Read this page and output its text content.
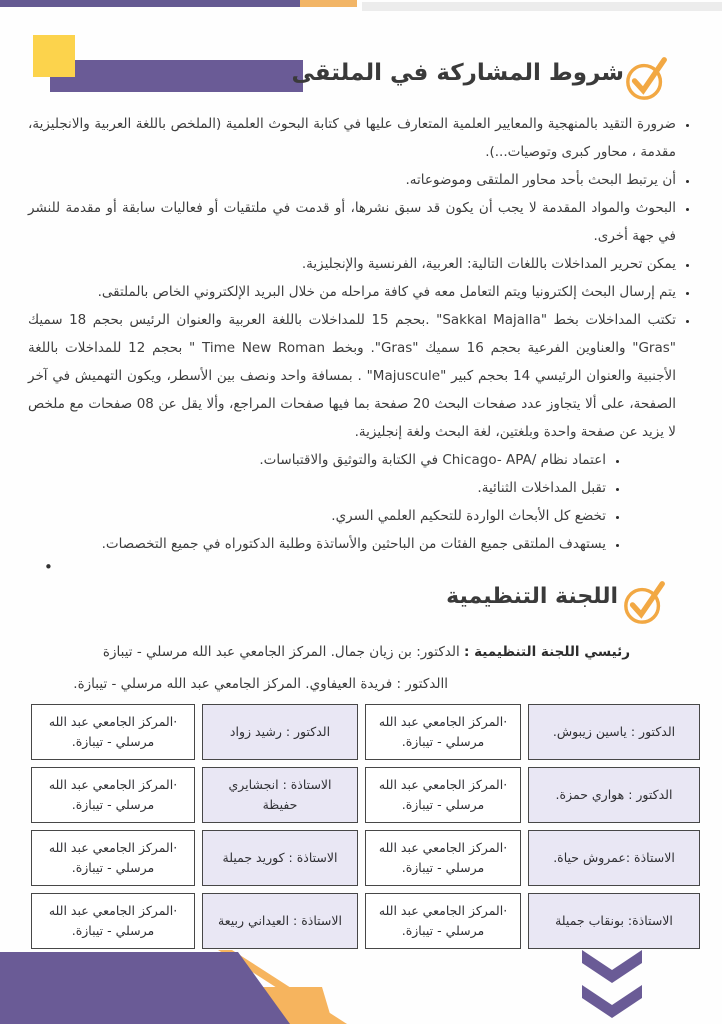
شروط المشاركة في الملتقى
• ضرورة التقيد بالمنهجية والمعايير العلمية المتعارف عليها في كتابة البحوث العلمية (الملخص باللغة العربية والانجليزية، مقدمة ، محاور كبرى وتوصيات...).
• أن يرتبط البحث بأحد محاور الملتقى وموضوعاته.
• البحوث والمواد المقدمة لا يجب أن يكون قد سبق نشرها، أو قدمت في ملتقيات أو فعاليات سابقة أو مقدمة للنشر في جهة أخرى.
• يمكن تحرير المداخلات باللغات التالية: العربية، الفرنسية والإنجليزية.
• يتم إرسال البحث إلكترونيا ويتم التعامل معه في كافة مراحله من خلال البريد الإلكتروني الخاص بالملتقى.
• تكتب المداخلات بخط "Sakkal Majalla" .بحجم 15 للمداخلات باللغة العربية والعنوان الرئيس بحجم 18 سميك "Gras" والعناوين الفرعية بحجم 16 سميك "Gras". وبخط Time New Roman " بحجم 12 للمداخلات باللغة الأجنبية والعنوان الرئيسي 14 بحجم كبير "Majuscule" . بمسافة واحد ونصف بين الأسطر، ويكون التهميش في آخر الصفحة، على ألا يتجاوز عدد صفحات البحث 20 صفحة بما فيها صفحات المراجع، وألا يقل عن 08 صفحات مع ملخص لا يزيد عن صفحة واحدة وبلغتين، لغة البحث ولغة إنجليزية.
• اعتماد نظام /Chicago- APA في الكتابة والتوثيق والاقتباسات.
• تقبل المداخلات الثنائية.
• تخضع كل الأبحاث الواردة للتحكيم العلمي السري.
• يستهدف الملتقى جميع الفئات من الباحثين والأساتذة وطلبة الدكتوراه في جميع التخصصات.
•
اللجنة التنظيمية
رئيسي اللجنة التنظيمية : الدكتور: بن زيان جمال. المركز الجامعي عبد الله مرسلي - تيبازة
االدكتور : فريدة العيفاوي. المركز الجامعي عبد الله مرسلي - تيبازة.
الدكتور : ياسين زيبوش.
·المركز الجامعي عبد الله مرسلي - تيبازة.
الدكتور : رشيد زواد
·المركز الجامعي عبد الله مرسلي - تيبازة.
الدكتور : هواري حمزة.
·المركز الجامعي عبد الله مرسلي - تيبازة.
الاستاذة : انجشايري حفيظة
·المركز الجامعي عبد الله مرسلي - تيبازة.
الاستاذة :عمروش حياة.
·المركز الجامعي عبد الله مرسلي - تيبازة.
الاستاذة : كوريد جميلة
·المركز الجامعي عبد الله مرسلي - تيبازة.
الاستاذة: بونقاب جميلة
·المركز الجامعي عبد الله مرسلي - تيبازة.
الاستاذة : العيداني ربيعة
·المركز الجامعي عبد الله مرسلي - تيبازة.
